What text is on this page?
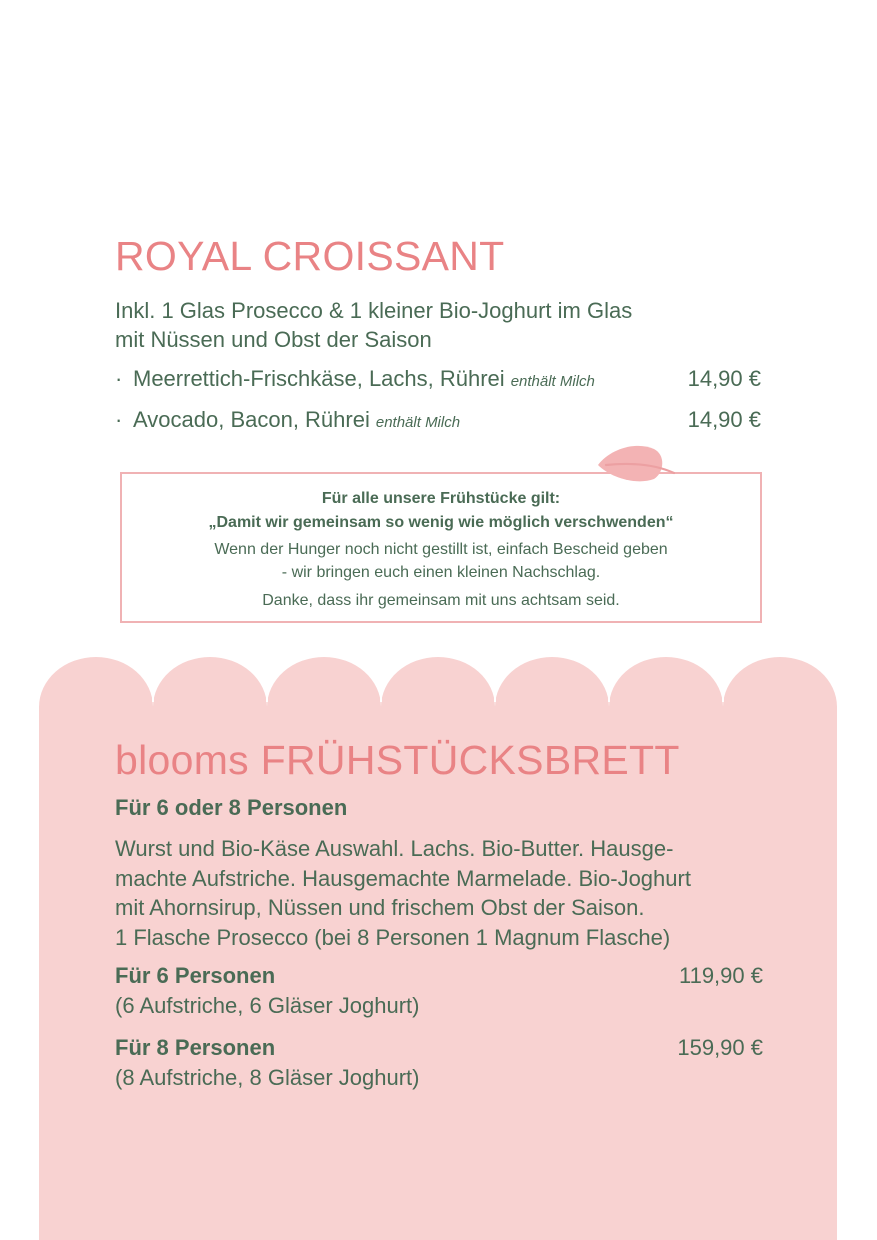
ROYAL CROISSANT
Inkl. 1 Glas Prosecco & 1 kleiner Bio-Joghurt im Glas
mit Nüssen und Obst der Saison
· Meerrettich-Frischkäse, Lachs, Rührei enthält Milch	14,90 €
· Avocado, Bacon, Rührei enthält Milch	14,90 €
Für alle unsere Frühstücke gilt:
„Damit wir gemeinsam so wenig wie möglich verschwenden“
Wenn der Hunger noch nicht gestillt ist, einfach Bescheid geben
- wir bringen euch einen kleinen Nachschlag.
Danke, dass ihr gemeinsam mit uns achtsam seid.
blooms FRÜHSTÜCKSBRETT
Für 6 oder 8 Personen
Wurst und Bio-Käse Auswahl. Lachs. Bio-Butter. Hausge-
machte Aufstriche. Hausgemachte Marmelade. Bio-Joghurt
mit Ahornsirup, Nüssen und frischem Obst der Saison.
1 Flasche Prosecco (bei 8 Personen 1 Magnum Flasche)
Für 6 Personen	119,90 €
(6 Aufstriche, 6 Gläser Joghurt)
Für 8 Personen	159,90 €
(8 Aufstriche, 8 Gläser Joghurt)
